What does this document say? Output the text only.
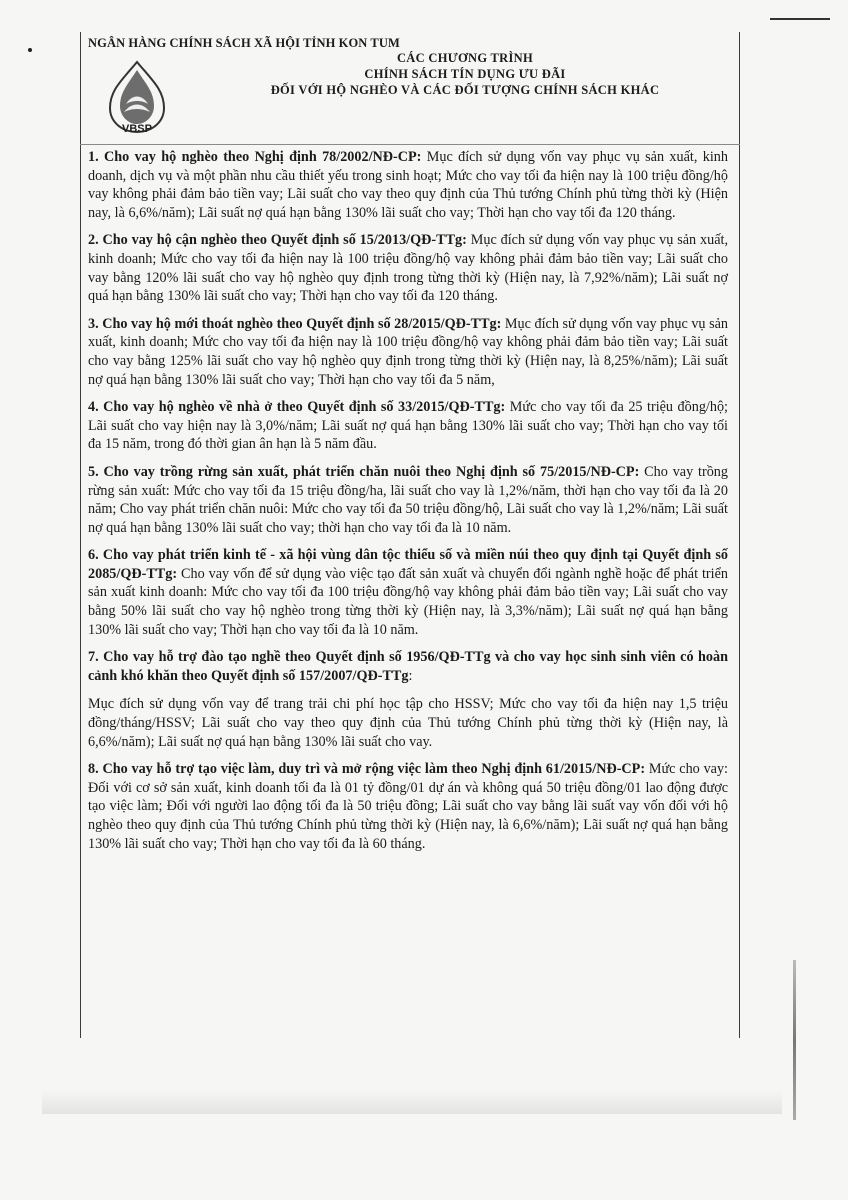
NGÂN HÀNG CHÍNH SÁCH XÃ HỘI TỈNH KON TUM
VBSP
CÁC CHƯƠNG TRÌNH
CHÍNH SÁCH TÍN DỤNG ƯU ĐÃI
ĐỐI VỚI HỘ NGHÈO VÀ CÁC ĐỐI TƯỢNG CHÍNH SÁCH KHÁC

1. Cho vay hộ nghèo theo Nghị định 78/2002/NĐ-CP: Mục đích sử dụng vốn vay phục vụ sản xuất, kinh doanh, dịch vụ và một phần nhu cầu thiết yếu trong sinh hoạt; Mức cho vay tối đa hiện nay là 100 triệu đồng/hộ vay không phải đảm bảo tiền vay; Lãi suất cho vay theo quy định của Thủ tướng Chính phủ từng thời kỳ (Hiện nay, là 6,6%/năm); Lãi suất nợ quá hạn bằng 130% lãi suất cho vay; Thời hạn cho vay tối đa 120 tháng.

2. Cho vay hộ cận nghèo theo Quyết định số 15/2013/QĐ-TTg: Mục đích sử dụng vốn vay phục vụ sản xuất, kinh doanh; Mức cho vay tối đa hiện nay là 100 triệu đồng/hộ vay không phải đảm bảo tiền vay; Lãi suất cho vay bằng 120% lãi suất cho vay hộ nghèo quy định trong từng thời kỳ (Hiện nay, là 7,92%/năm); Lãi suất nợ quá hạn bằng 130% lãi suất cho vay; Thời hạn cho vay tối đa 120 tháng.

3. Cho vay hộ mới thoát nghèo theo Quyết định số 28/2015/QĐ-TTg: Mục đích sử dụng vốn vay phục vụ sản xuất, kinh doanh; Mức cho vay tối đa hiện nay là 100 triệu đồng/hộ vay không phải đảm bảo tiền vay; Lãi suất cho vay bằng 125% lãi suất cho vay hộ nghèo quy định trong từng thời kỳ (Hiện nay, là 8,25%/năm); Lãi suất nợ quá hạn bằng 130% lãi suất cho vay; Thời hạn cho vay tối đa 5 năm,

4. Cho vay hộ nghèo về nhà ở theo Quyết định số 33/2015/QĐ-TTg: Mức cho vay tối đa 25 triệu đồng/hộ; Lãi suất cho vay hiện nay là 3,0%/năm; Lãi suất nợ quá hạn bằng 130% lãi suất cho vay; Thời hạn cho vay tối đa 15 năm, trong đó thời gian ân hạn là 5 năm đầu.

5. Cho vay trồng rừng sản xuất, phát triển chăn nuôi theo Nghị định số 75/2015/NĐ-CP: Cho vay trồng rừng sản xuất: Mức cho vay tối đa 15 triệu đồng/ha, lãi suất cho vay là 1,2%/năm, thời hạn cho vay tối đa là 20 năm; Cho vay phát triển chăn nuôi: Mức cho vay tối đa 50 triệu đồng/hộ, Lãi suất cho vay là 1,2%/năm; Lãi suất nợ quá hạn bằng 130% lãi suất cho vay; thời hạn cho vay tối đa là 10 năm.

6. Cho vay phát triển kinh tế - xã hội vùng dân tộc thiểu số và miền núi theo quy định tại Quyết định số 2085/QĐ-TTg: Cho vay vốn để sử dụng vào việc tạo đất sản xuất và chuyển đổi ngành nghề hoặc để phát triển sản xuất kinh doanh: Mức cho vay tối đa 100 triệu đồng/hộ vay không phải đảm bảo tiền vay; Lãi suất cho vay bằng 50% lãi suất cho vay hộ nghèo trong từng thời kỳ (Hiện nay, là 3,3%/năm); Lãi suất nợ quá hạn bằng 130% lãi suất cho vay; Thời hạn cho vay tối đa là 10 năm.

7. Cho vay hỗ trợ đào tạo nghề theo Quyết định số 1956/QĐ-TTg và cho vay học sinh sinh viên có hoàn cảnh khó khăn theo Quyết định số 157/2007/QĐ-TTg:

Mục đích sử dụng vốn vay để trang trải chi phí học tập cho HSSV; Mức cho vay tối đa hiện nay 1,5 triệu đồng/tháng/HSSV; Lãi suất cho vay theo quy định của Thủ tướng Chính phủ từng thời kỳ (Hiện nay, là 6,6%/năm); Lãi suất nợ quá hạn bằng 130% lãi suất cho vay.

8. Cho vay hỗ trợ tạo việc làm, duy trì và mở rộng việc làm theo Nghị định 61/2015/NĐ-CP: Mức cho vay: Đối với cơ sở sản xuất, kinh doanh tối đa là 01 tỷ đồng/01 dự án và không quá 50 triệu đồng/01 lao động được tạo việc làm; Đối với người lao động tối đa là 50 triệu đồng; Lãi suất cho vay bằng lãi suất vay vốn đối với hộ nghèo theo quy định của Thủ tướng Chính phủ từng thời kỳ (Hiện nay, là 6,6%/năm); Lãi suất nợ quá hạn bằng 130% lãi suất cho vay; Thời hạn cho vay tối đa là 60 tháng.
